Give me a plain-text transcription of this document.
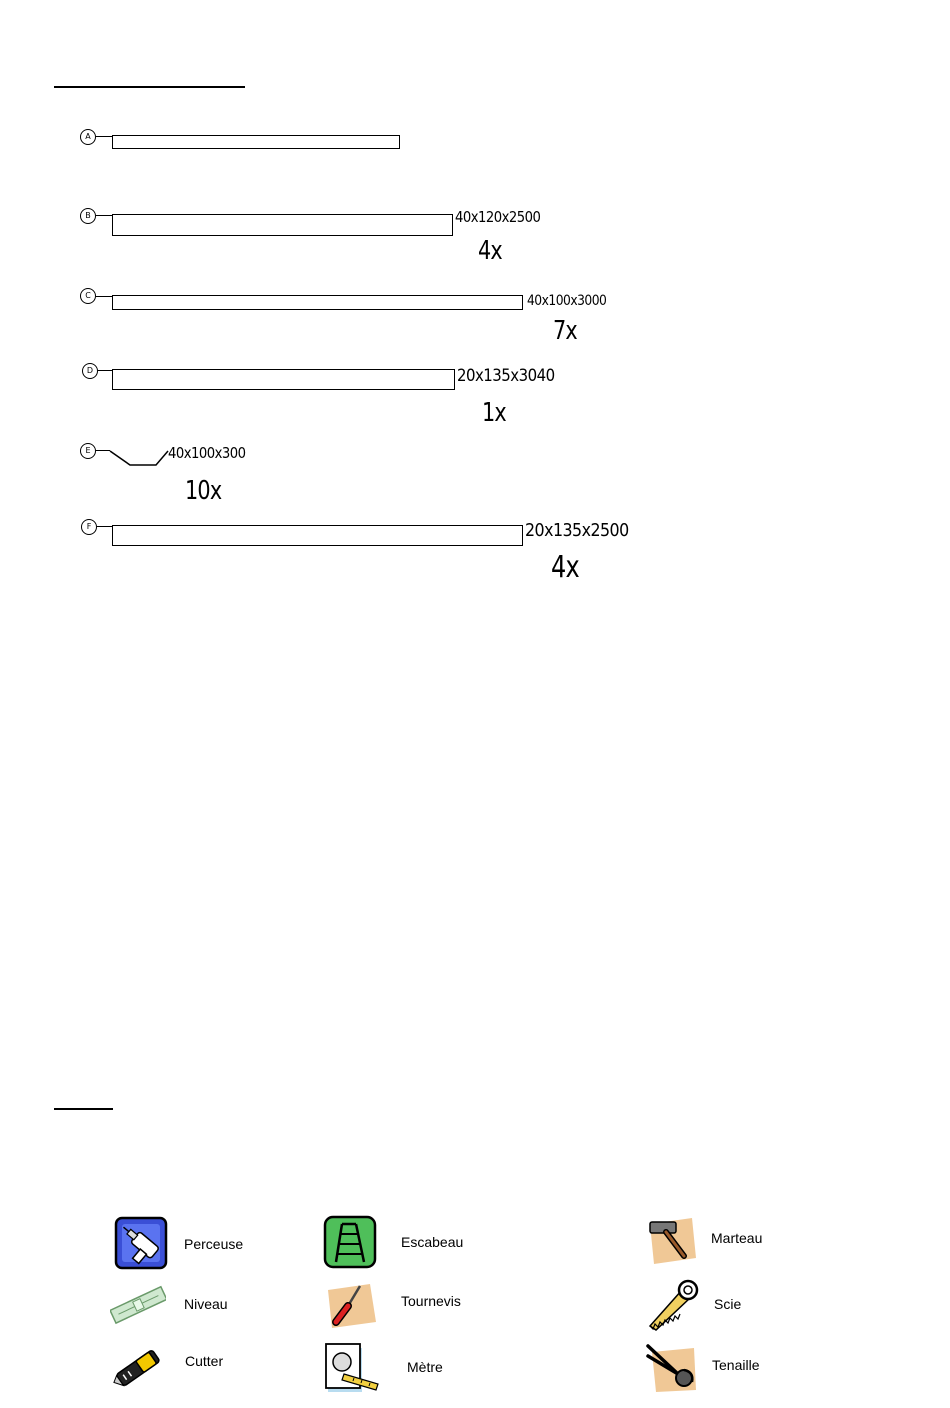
A
B	40x120x2500
4x
C	40x100x3000
7x
D	20x135x3040
1x
E	40x100x300
10x
F	20x135x2500
4x
Perceuse	Escabeau	Marteau
Niveau	Tournevis	Scie
Cutter	Mètre	Tenaille
